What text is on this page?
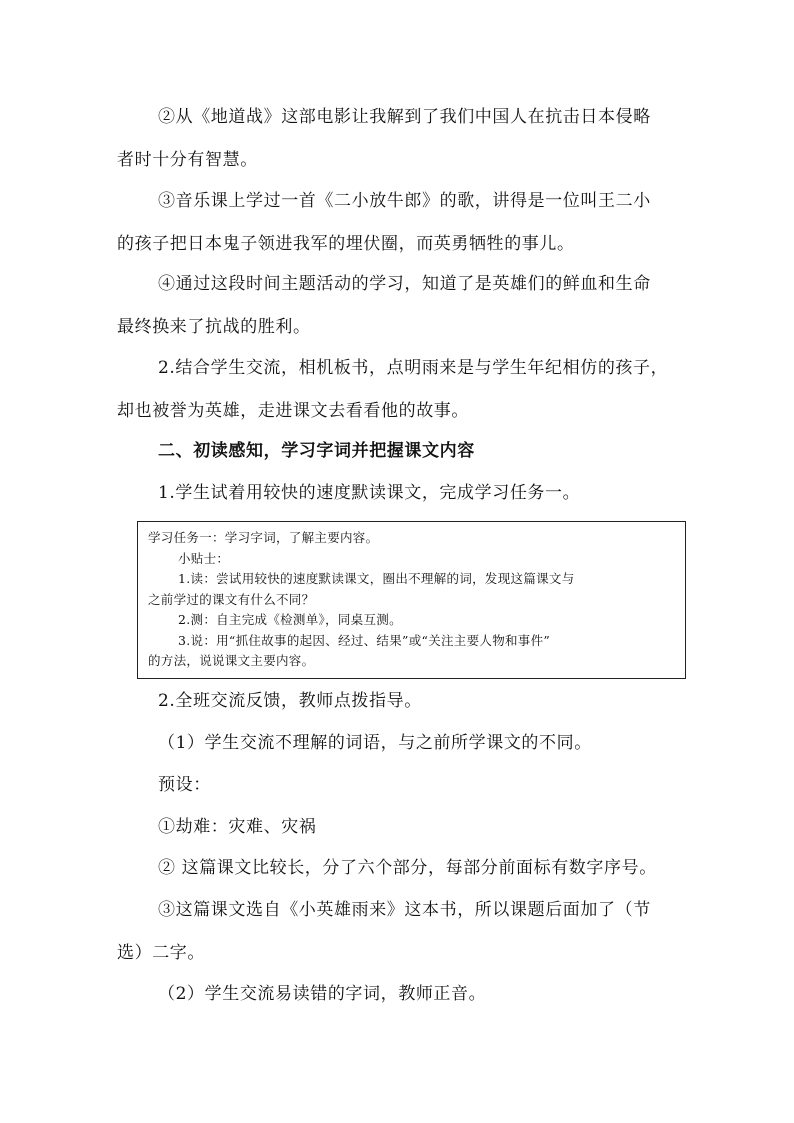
②从《地道战》这部电影让我解到了我们中国人在抗击日本侵略
者时十分有智慧。

③音乐课上学过一首《二小放牛郎》的歌，讲得是一位叫王二小
的孩子把日本鬼子领进我军的埋伏圈，而英勇牺牲的事儿。

④通过这段时间主题活动的学习，知道了是英雄们的鲜血和生命
最终换来了抗战的胜利。

2.结合学生交流，相机板书，点明雨来是与学生年纪相仿的孩子，
却也被誉为英雄，走进课文去看看他的故事。

二、初读感知，学习字词并把握课文内容

1.学生试着用较快的速度默读课文，完成学习任务一。

学习任务一：学习字词，了解主要内容。
小贴士：
1.读：尝试用较快的速度默读课文，圈出不理解的词，发现这篇课文与
之前学过的课文有什么不同？
2.测：自主完成《检测单》，同桌互测。
3.说：用“抓住故事的起因、经过、结果”或“关注主要人物和事件”
的方法，说说课文主要内容。

2.全班交流反馈，教师点拨指导。

（1）学生交流不理解的词语，与之前所学课文的不同。

预设：

①劫难：灾难、灾祸

② 这篇课文比较长，分了六个部分，每部分前面标有数字序号。

③这篇课文选自《小英雄雨来》这本书，所以课题后面加了（节
选）二字。

（2）学生交流易读错的字词，教师正音。
